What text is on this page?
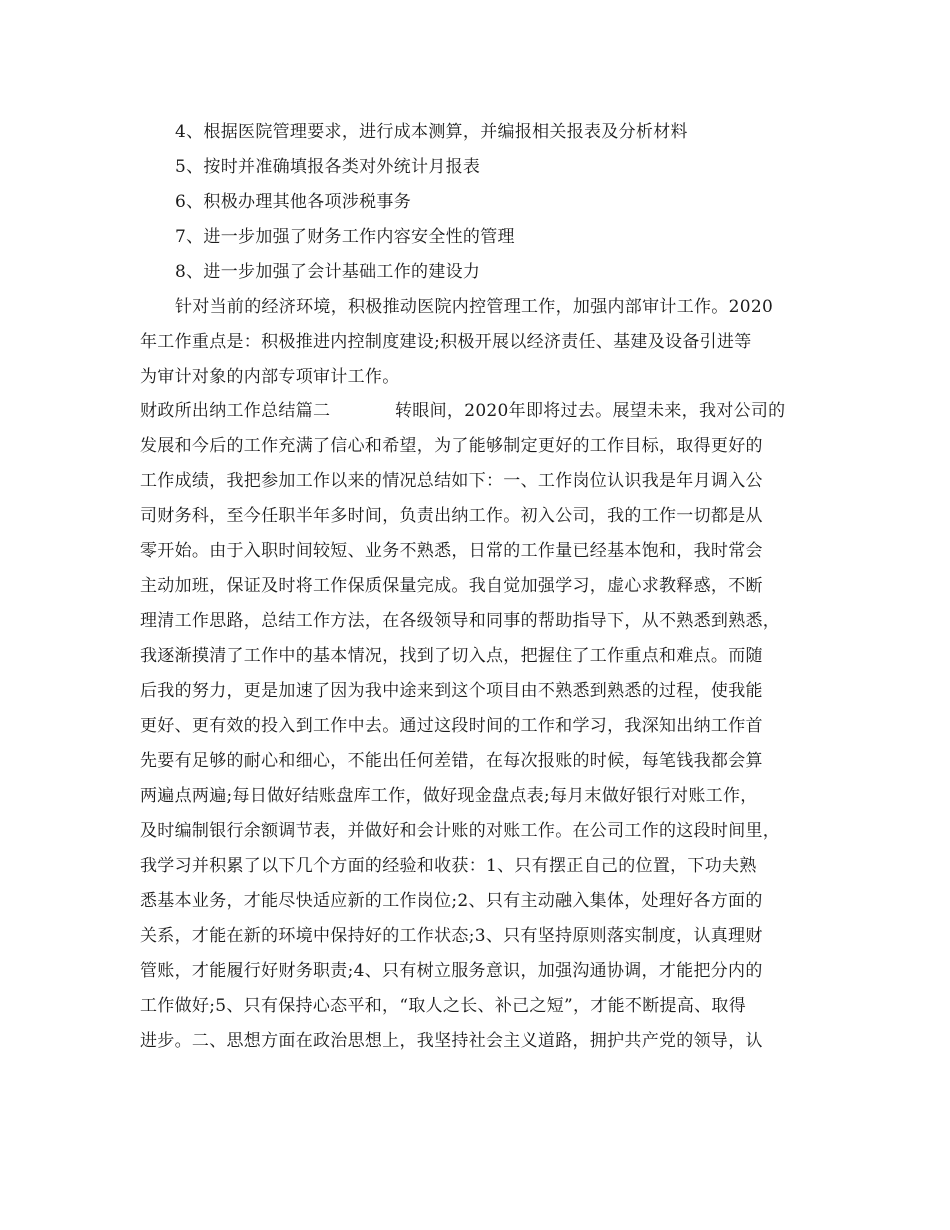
4、根据医院管理要求，进行成本测算，并编报相关报表及分析材料
5、按时并准确填报各类对外统计月报表
6、积极办理其他各项涉税事务
7、进一步加强了财务工作内容安全性的管理
8、进一步加强了会计基础工作的建设力
针对当前的经济环境，积极推动医院内控管理工作，加强内部审计工作。2020
年工作重点是：积极推进内控制度建设;积极开展以经济责任、基建及设备引进等
为审计对象的内部专项审计工作。
财政所出纳工作总结篇二	转眼间，2020年即将过去。展望未来，我对公司的
发展和今后的工作充满了信心和希望，为了能够制定更好的工作目标，取得更好的
工作成绩，我把参加工作以来的情况总结如下：一、工作岗位认识我是年月调入公
司财务科，至今任职半年多时间，负责出纳工作。初入公司，我的工作一切都是从
零开始。由于入职时间较短、业务不熟悉，日常的工作量已经基本饱和，我时常会
主动加班，保证及时将工作保质保量完成。我自觉加强学习，虚心求教释惑，不断
理清工作思路，总结工作方法，在各级领导和同事的帮助指导下，从不熟悉到熟悉，
我逐渐摸清了工作中的基本情况，找到了切入点，把握住了工作重点和难点。而随
后我的努力，更是加速了因为我中途来到这个项目由不熟悉到熟悉的过程，使我能
更好、更有效的投入到工作中去。通过这段时间的工作和学习，我深知出纳工作首
先要有足够的耐心和细心，不能出任何差错，在每次报账的时候，每笔钱我都会算
两遍点两遍;每日做好结账盘库工作，做好现金盘点表;每月末做好银行对账工作，
及时编制银行余额调节表，并做好和会计账的对账工作。在公司工作的这段时间里，
我学习并积累了以下几个方面的经验和收获：1、只有摆正自己的位置，下功夫熟
悉基本业务，才能尽快适应新的工作岗位;2、只有主动融入集体，处理好各方面的
关系，才能在新的环境中保持好的工作状态;3、只有坚持原则落实制度，认真理财
管账，才能履行好财务职责;4、只有树立服务意识，加强沟通协调，才能把分内的
工作做好;5、只有保持心态平和，“取人之长、补己之短”，才能不断提高、取得
进步。二、思想方面在政治思想上，我坚持社会主义道路，拥护共产党的领导，认
